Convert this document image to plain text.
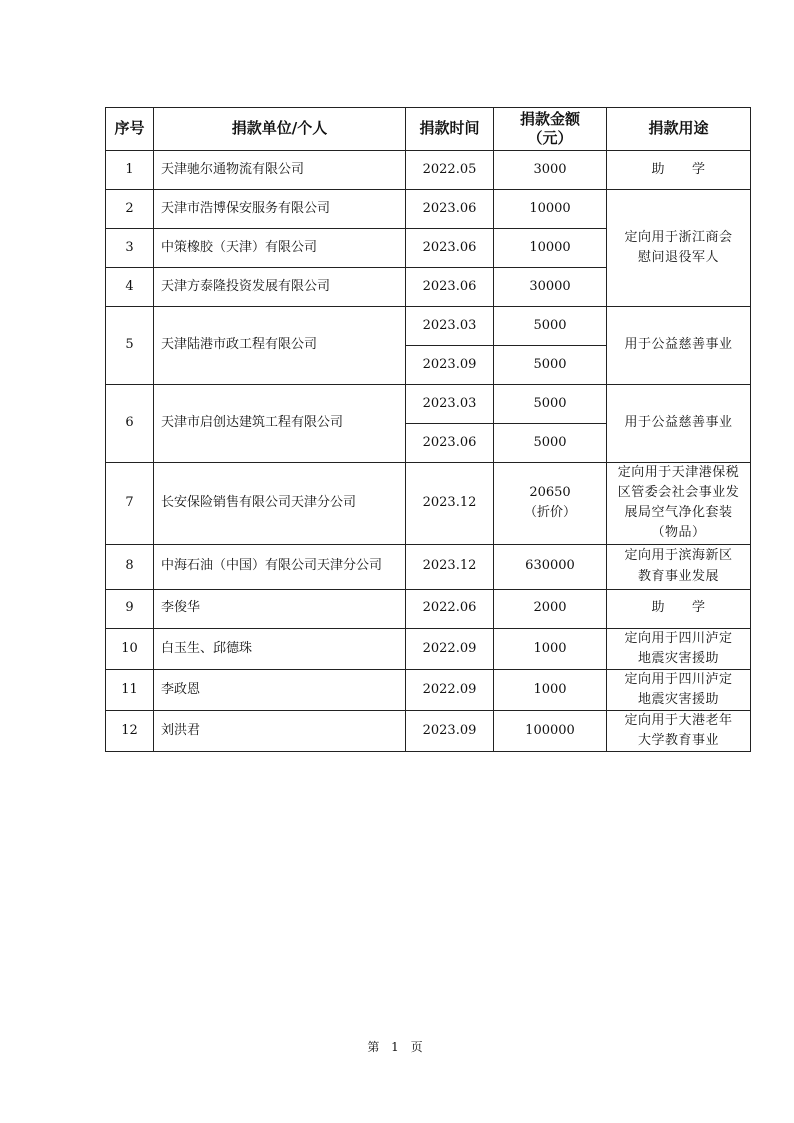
序号	捐款单位/个人	捐款时间	捐款金额
（元）	捐款用途
1	天津驰尔通物流有限公司	2022.05	3000	助　　学
2	天津市浩博保安服务有限公司	2023.06	10000	定向用于浙江商会
慰问退役军人

3	中策橡胶（天津）有限公司	2023.06	10000	
4	天津方泰隆投资发展有限公司	2023.06	30000	
5	天津陆港市政工程有限公司	2023.03	5000	用于公益慈善事业
		2023.09	5000	
6	天津市启创达建筑工程有限公司	2023.03	5000	用于公益慈善事业
		2023.06	5000	
7	长安保险销售有限公司天津分公司	2023.12	20650
（折价）	定向用于天津港保税
区管委会社会事业发
展局空气净化套装
（物品）

8	中海石油（中国）有限公司天津分公司	2023.12	630000	定向用于滨海新区
教育事业发展

9	李俊华	2022.06	2000	助　　学
10	白玉生、邱德珠	2022.09	1000	定向用于四川泸定
地震灾害援助

11	李政恩	2022.09	1000	定向用于四川泸定
地震灾害援助

12	刘洪君	2023.09	100000	定向用于大港老年
大学教育事业
第 1 页
